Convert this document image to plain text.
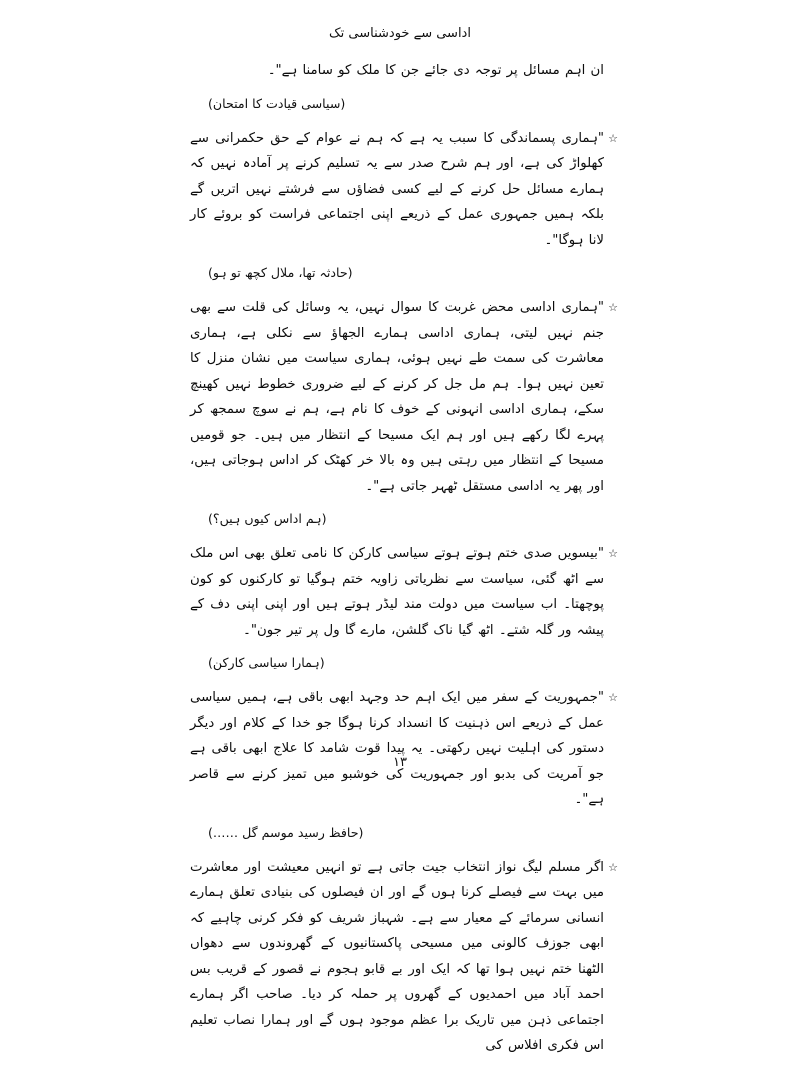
اداسی سے خودشناسی تک
ان اہم مسائل پر توجہ دی جائے جن کا ملک کو سامنا ہے"۔
(سیاسی قیادت کا امتحان)
☆
"ہماری پسماندگی کا سبب یہ ہے کہ ہم نے عوام کے حق حکمرانی سے کھلواڑ کی ہے، اور ہم شرح صدر سے یہ تسلیم کرنے پر آمادہ نہیں کہ ہمارے مسائل حل کرنے کے لیے کسی فضاؤں سے فرشتے نہیں اتریں گے بلکہ ہمیں جمہوری عمل کے ذریعے اپنی اجتماعی فراست کو بروئے کار لانا ہوگا"۔
(حادثہ تھا، ملال کچھ تو ہو)
☆
"ہماری اداسی محض غربت کا سوال نہیں، یہ وسائل کی قلت سے بھی جنم نہیں لیتی، ہماری اداسی ہمارے الجھاؤ سے نکلی ہے، ہماری معاشرت کی سمت طے نہیں ہوئی، ہماری سیاست میں نشان منزل کا تعین نہیں ہوا۔ ہم مل جل کر کرنے کے لیے ضروری خطوط نہیں کھینچ سکے، ہماری اداسی انہونی کے خوف کا نام ہے، ہم نے سوچ سمجھ کر پہرے لگا رکھے ہیں اور ہم ایک مسیحا کے انتظار میں ہیں۔ جو قومیں مسیحا کے انتظار میں رہتی ہیں وہ بالا خر کھٹک کر اداس ہوجاتی ہیں، اور پھر یہ اداسی مستقل ٹھہر جاتی ہے"۔
(ہم اداس کیوں ہیں؟)
☆
"بیسویں صدی ختم ہوتے ہوتے سیاسی کارکن کا نامی تعلق بھی اس ملک سے اٹھ گئی، سیاست سے نظریاتی زاویہ ختم ہوگیا تو کارکنوں کو کون پوچھتا۔ اب سیاست میں دولت مند لیڈر ہوتے ہیں اور اپنی اپنی دف کے پیشہ ور گلہ شتے۔ اٹھ گیا ناک گلشن، مارے گا ول پر تیر جون"۔
(ہمارا سیاسی کارکن)
☆
"جمہوریت کے سفر میں ایک اہم حد وجہد ابھی باقی ہے، ہمیں سیاسی عمل کے ذریعے اس ذہنیت کا انسداد کرنا ہوگا جو خدا کے کلام اور دیگر دستور کی اہلیت نہیں رکھتی۔ یہ پیدا قوت شامد کا علاج ابھی باقی ہے جو آمریت کی بدبو اور جمہوریت کی خوشبو میں تمیز کرنے سے قاصر ہے"۔
(حافظ رسید موسم گل ……)
☆
اگر مسلم لیگ نواز انتخاب جیت جاتی ہے تو انہیں معیشت اور معاشرت میں بہت سے فیصلے کرنا ہوں گے اور ان فیصلوں کی بنیادی تعلق ہمارے انسانی سرمائے کے معیار سے ہے۔ شہباز شریف کو فکر کرنی چاہیے کہ ابھی جوزف کالونی میں مسیحی پاکستانیوں کے گھروندوں سے دھواں الٹھنا ختم نہیں ہوا تھا کہ ایک اور بے قابو ہجوم نے قصور کے قریب بس احمد آباد میں احمدیوں کے گھروں پر حملہ کر دیا۔ صاحب اگر ہمارے اجتماعی ذہن میں تاریک برا عظم موجود ہوں گے اور ہمارا نصاب تعلیم اس فکری افلاس کی
۱۳
